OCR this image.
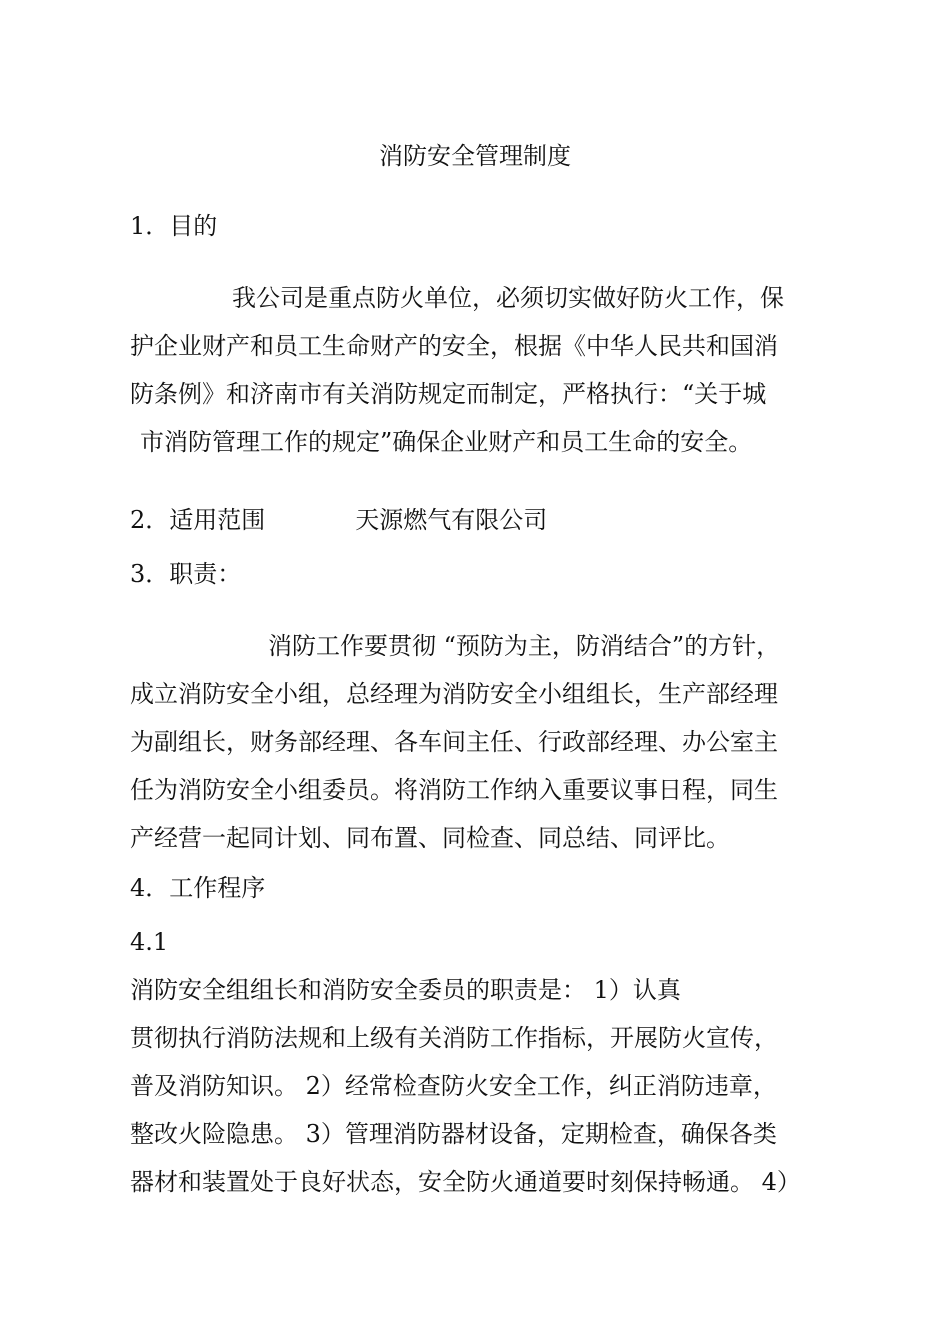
消防安全管理制度

1．目的

我公司是重点防火单位，必须切实做好防火工作，保
护企业财产和员工生命财产的安全，根据《中华人民共和国消
防条例》和济南市有关消防规定而制定，严格执行：“关于城
市消防管理工作的规定”确保企业财产和员工生命的安全。

2．适用范围	天源燃气有限公司

3．职责：

消防工作要贯彻 “预防为主，防消结合”的方针，
成立消防安全小组，总经理为消防安全小组组长，生产部经理
为副组长，财务部经理、各车间主任、行政部经理、办公室主
任为消防安全小组委员。将消防工作纳入重要议事日程，同生
产经营一起同计划、同布置、同检查、同总结、同评比。

4．工作程序

4.1
消防安全组组长和消防安全委员的职责是： 1）认真
贯彻执行消防法规和上级有关消防工作指标，开展防火宣传，
普及消防知识。 2）经常检查防火安全工作，纠正消防违章，
整改火险隐患。 3）管理消防器材设备，定期检查，确保各类
器材和装置处于良好状态，安全防火通道要时刻保持畅通。 4）
